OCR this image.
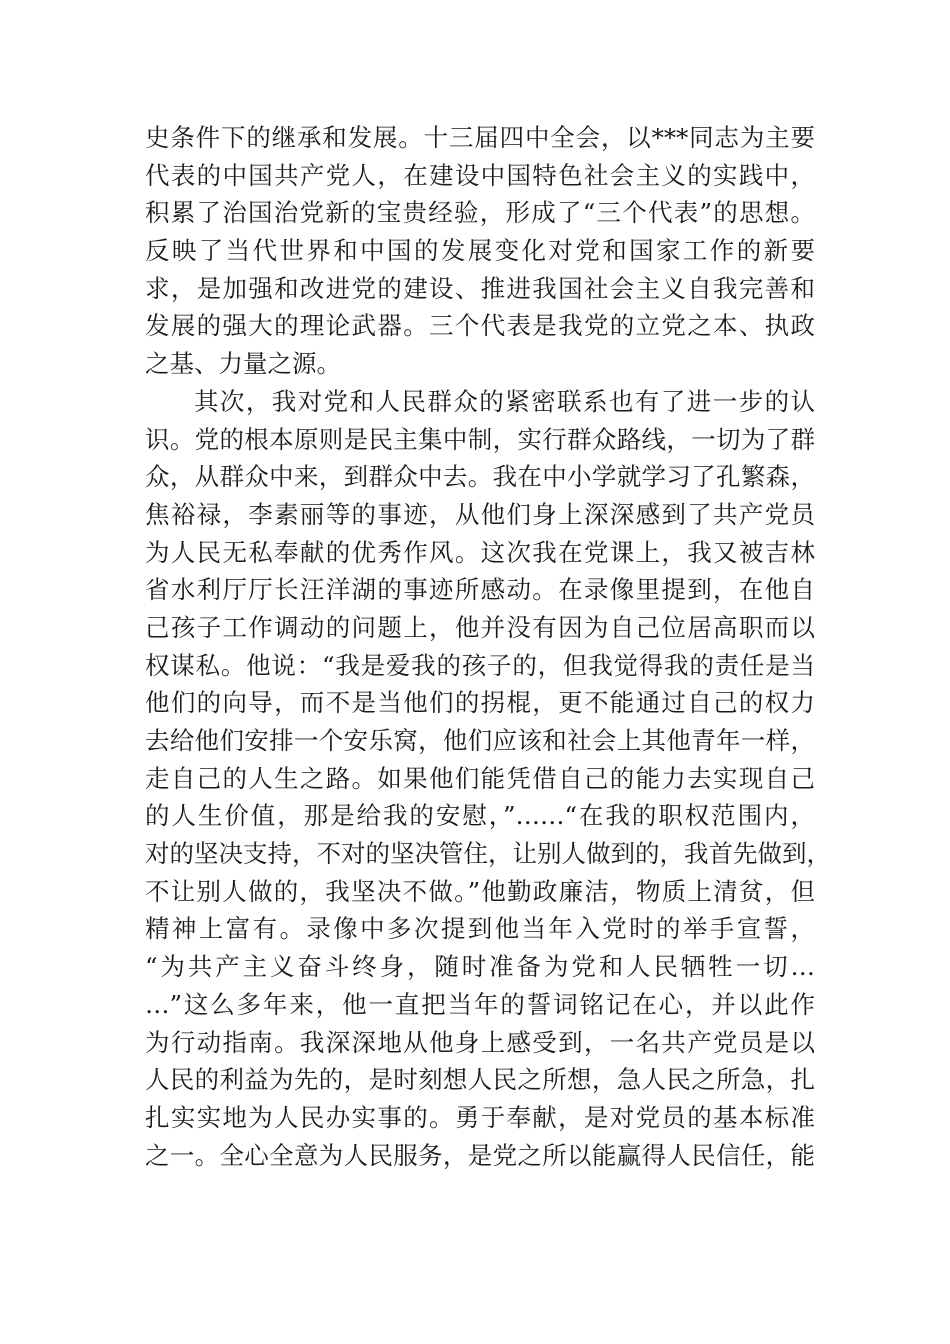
史条件下的继承和发展。十三届四中全会，以***同志为主要
代表的中国共产党人，在建设中国特色社会主义的实践中，
积累了治国治党新的宝贵经验，形成了“三个代表”的思想。
反映了当代世界和中国的发展变化对党和国家工作的新要
求，是加强和改进党的建设、推进我国社会主义自我完善和
发展的强大的理论武器。三个代表是我党的立党之本、执政
之基、力量之源。
其次，我对党和人民群众的紧密联系也有了进一步的认
识。党的根本原则是民主集中制，实行群众路线，一切为了群
众，从群众中来，到群众中去。我在中小学就学习了孔繁森，
焦裕禄，李素丽等的事迹，从他们身上深深感到了共产党员
为人民无私奉献的优秀作风。这次我在党课上，我又被吉林
省水利厅厅长汪洋湖的事迹所感动。在录像里提到，在他自
己孩子工作调动的问题上，他并没有因为自己位居高职而以
权谋私。他说：“我是爱我的孩子的，但我觉得我的责任是当
他们的向导，而不是当他们的拐棍，更不能通过自己的权力
去给他们安排一个安乐窝，他们应该和社会上其他青年一样，
走自己的人生之路。如果他们能凭借自己的能力去实现自己
的人生价值，那是给我的安慰，”……“在我的职权范围内，
对的坚决支持，不对的坚决管住，让别人做到的，我首先做到，
不让别人做的，我坚决不做。”他勤政廉洁，物质上清贫，但
精神上富有。录像中多次提到他当年入党时的举手宣誓，
“为共产主义奋斗终身，随时准备为党和人民牺牲一切…
…”这么多年来，他一直把当年的誓词铭记在心，并以此作
为行动指南。我深深地从他身上感受到，一名共产党员是以
人民的利益为先的，是时刻想人民之所想，急人民之所急，扎
扎实实地为人民办实事的。勇于奉献，是对党员的基本标准
之一。全心全意为人民服务，是党之所以能赢得人民信任，能
